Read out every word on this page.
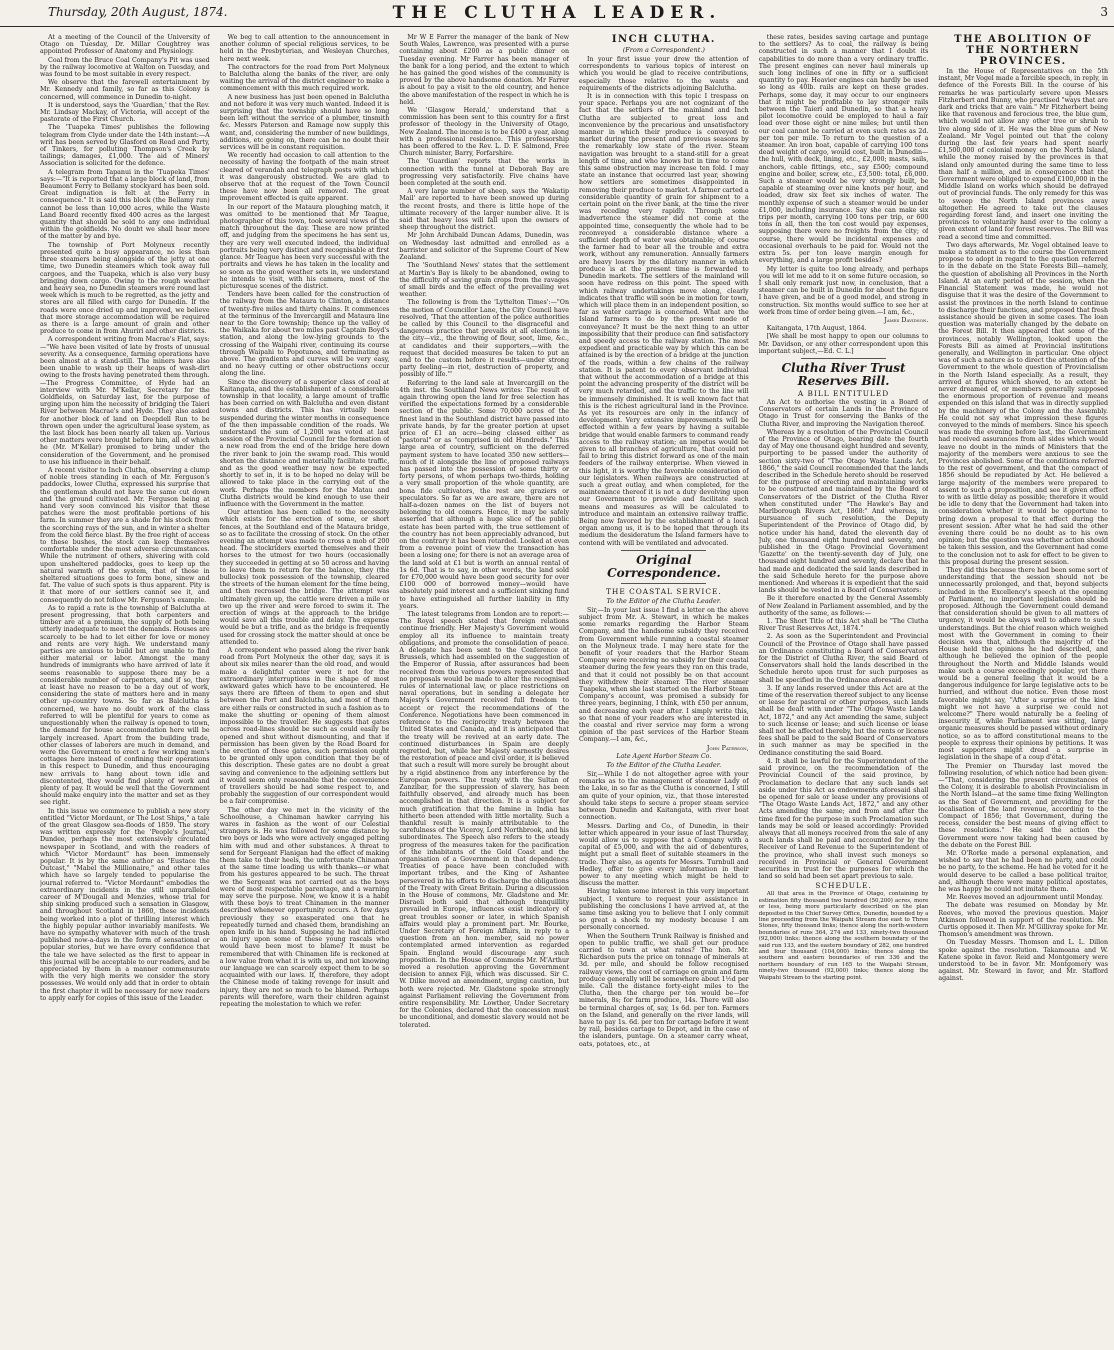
Thursday, 20th August, 1874.	THE CLUTHA LEADER.	3

At a meeting of the Council of the University of Otago on Tuesday, Dr. Millar Coughtrey was appointed Professor of Anatomy and Physiology.

Coal from the Bruce Coal Company's Pit was used by the railway locomotive at Walton on Tuesday, and was found to be most suitable in every respect.

We observe that the farewell entertainment by Mr. Kennedy and family, so far as this Colony is concerned, will commence in Dunedin to-night.

It is understood, says the 'Guardian,' that the Rev. Mr. Lindsay Mackay, of Victoria, will accept of the pastorate of the First Church.

The 'Tuapeka Times' publishes the following telegram from Clyde under date the 14th instant:—A writ has been served by Glasford on Read and Party, of Tinkers, for polluting Thompson's Creek by tailings; damages, £1,000. The aid of Miners' Association is solicited for the defence.

A telegram from Tapanui in the 'Tuapeka Times' says:—"It is reported that a large block of land, from Beaumont Ferry to Bellamy stockyard has been sold. Great indignation is felt at the Ferry in consequence." It is said this block (the Bellamy run) cannot be less than 10,000 acres, while the Waste Land Board recently fixed 400 acres as the largest quantity that should be sold to any one individual within the goldfields. No doubt we shall hear more of the matter by and bye.

The township of Port Molyneux recently presented quite a busy appearance, no less than three steamers being alongside of the jetty at one time, two Dunedin steamers which took away full cargoes, and the Tuapeka, which is also very busy bringing down cargo. Owing to the rough weather and heavy sea, no Dunedin steamers were round last week which is much to be regretted, as the jetty and stores are all filled with cargo for Dunedin. If the roads were once dried up and improved, we believe that more storage accommodation will be required as there is a large amount of grain and other produce to come in from Ahuriri and other districts.

A correspondent writing from Macrae's Flat, says:—"We have been visited of late by frosts of unusual severity. As a consequence, farming operations have been almost at a stand-still. The miners have also been unable to wash up their heaps of wash-dirt owing to the frosts having penetrated them through.—The Progress Committee, of Hyde had an interview with Mr. M'Kellar, Secretary for the Goldfields, on Saturday last, for the purpose of urging upon him the necessity of bridging the Taieri River between Macrae's and Hyde. They also asked for another block of land on Deepdell Run to be thrown open under the agricultural lease system, as the last block has been nearly all taken up. Various other matters were brought before him, all of which he (Mr. M'Kellar) promised to bring under the consideration of the Government, and he promised to use his influence in their behalf.

A recent visitor to Inch Clutha, observing a clump of noble trees standing in each of Mr. Ferguson's paddocks, lower Clutha, expressed his surprise that the gentleman should not have the same cut down and the ground cultivated. Mr. Ferguson being at hand very soon convinced his visitor that these patches were the most profitable portions of his farm. In summer they are a shade for his stock from the scorching rays of the sun, and in winter a shelter from the cold fierce blast. By the free right of access to these bushes, the stock can keep themselves comfortable under the most adverse circumstances. While the nutriment of others, shivering with cold upon unsheltered paddocks, goes to keep up the natural warmth of the system, that of those in sheltered situations goes to form bone, sinew and fat. The value of such spots is thus apparent. Pity is it that more of our settlers cannot see it, and consequently do not follow Mr. Ferguson's example.

As to rapid a rate is the township of Balclutha at present progressing, that both carpenters and timber are at a premium, the supply of both being utterly inadequate to meet the demands. Houses are scarcely to be had to let either for love or money and rents are very high. We understand many parties are anxious to build but are unable to find either material or labor. Amongst the many hundreds of immigrants who have arrived of late it seems reasonable to suppose there may be a considerable number of carpenters, and if so, they at least have no reason to be a day out of work, considering the state of matters here and in many other up-country towns. So far as Balclutha is concerned, we have no doubt work of the class referred to will be plentiful for years to come as unquestionably when the railway is opened to town, the demand for house accommodation here will be largely increased. Apart from the building trade, other classes of laborers are much in demand, and were the Government to erect a few working men's cottages here instead of confining their operations in this respect to Dunedin, and thus encouraging new arrivals to hang about town idle and discontented, they would find plenty of work and plenty of pay. It would be well that the Government should make enquiry into the matter and set as they see right.

In this issue we commence to publish a new story entitled "Victor Mordaunt, or The Lost Ships," a tale of the great Glasgow sea-floods of 1859. The story was written expressly for the 'People's Journal,' Dundee, perhaps the most extensively circulated newspaper in Scotland, and with the readers of which "Victor Mordaunt" has been immensely popular. It is by the same author as "Eustace the Outcast," "Mabel the Millionaire," and other tales which have so largely tended to popularise the journal referred to. "Victor Mordaunt" embodies the extraordinary incidents in the still unparalleled career of M'Dougall and Menzies, whose trial for ship sinking produced such a sensation in Glasgow, and throughout Scotland in 1860, these incidents being worked into a plot of thrilling interest which the highly popular author invariably manifests. We have no sympathy whatever with much of the trash published now-a-days in the form of sensational or popular stories, but we have every confidence that the tale we have selected as the first to appear in this journal will be acceptable to our readers, and be appreciated by them in a manner commensurate with the very high merits we consider the story possesses. We would only add that in order to obtain the first chapter it will be necessary for new readers to apply early for copies of this issue of the Leader.

We beg to call attention to the announcement in another column of special religious services, to be held in the Presbyterian, and Wesleyan Churches, here next week.

The contractors for the road from Port Molyneux to Balclutha along the banks of the river, are only waiting the arrival of the district engineer to make a commencement with this much required work.

A new business has just been opened in Balclutha and not before it was very much wanted. Indeed it is surprising that the township should have so long been left without the service of a plumber, tinsmith &c. Messrs Paterson and Ramage now supply this want, and, considering the number of new buildings, additions, etc going on, there can be no doubt their services will be in constant requisition.

We recently had occasion to call attention to the necessity of having the footpath of the main street cleared of verandah and telegraph posts with which it was dangerously obstructed. We are glad to observe that at the request of the Town Council these have now been all removed. The great improvement effected is quite apparent.

In our report of the Mataura ploughing match, it was omitted to be mentioned that Mr Teague, photographer of this town, took several views of the match throughout the day. These are now printed off, and judging from the specimens he has sent us, they are very well executed indeed, the individual portraits being very distinct and recognisable at first glance. Mr Teague has been very successful with the portraits and views he has taken in the locality and so soon as the good weather sets in, we understand he intends to visit, with his camera, most of the picturesque scenes of the district.

Tenders have been called for the construction of the railway from the Mataura to Clinton, a distance of twenty-five miles and thirty chains. It commences at the terminus of the Invercargill and Mataura line near to the Gore township; thence up the valley of the Waikaka for about two miles past Captain Boyd's station, and along the low-lying grounds to the crossing of the Waipahi river, continuing its course through Waipahi to Popotunoa, and terminating as above. The gradients and curves will be very easy, and no heavy cutting or other obstructions occur along the line.

Since the discovery of a superior class of coal at Kaitangata, and the establishment of a considerable township in that locality, a large amount of traffic has been carried on with Balclutha and even distant towns and districts. This has virtually been suspended during the winter months in consequence of the then impassable condition of the roads. We understand the sum of 1,200l was voted at last session of the Provincial Council for the formation of a new road from the end of the bridge here down the river bank to join the swamp road. This would shorten the distance and materially facilitate traffic, and as the good weather may now be expected shortly to set in, it is to be hoped no delay will be allowed to take place in the carrying out of the work. Perhaps the members for the Matau and Clutha districts would be kind enough to use their influence with the Government in the matter.

Our attention has been called to the necessity which exists for the erection of some, or short fences, at the Southland end of the Mataura bridge, so as to facilitate the crossing of stock. On the other evening an attempt was made to cross a mob of 200 head. The stockriders exerted themselves and their horses to the utmost for two hours (occasionally they succeeded in getting at so 50 across and having to leave them to return for the balance, they (the bullocks) took possession of the township, cleared the streets of the human element for the time being, and then recrossed the bridge. The attempt was ultimately given up, the cattle were driven a mile or two up the river and were forced to swim it. The erection of wings at the approach to the bridge would save all this trouble and delay. The expense would be but a trifle, and as the bridge is frequently used for crossing stock the matter should at once be attended to.

A correspondent who passed along the river bank road from Port Molyneux the other day, says it is about six miles nearer than the old road, and would make a delightful canter were it not for the extraordinary interruptions in the shape of most awkward gates which have to be encountered. He says there are fifteen of them to open and shut between the Port and Balclutha, and most of them are either rails or constructed in such a fashion as to make the shutting or opening of them almost impossible to the traveller. He suggests that gates across road-lines should be such as could easily be opened and shut without dismounting, and that if permission has been given by the Road Board for the erection of these gates, such permission ought to be granted only upon condition that they be of this description. These gates are no doubt a great saving and convenience to the adjoining settlers but it would seem only reasonable that the convenience of travellers should be had some respect to, and probably the suggestion of our correspondent would be a fair compromise.

The other day we met in the vicinity of the Schoolhouse, a Chinaman hawker carrying his wares in fashion as the wont of our Celestial strangers is. He was followed for some distance by two boys or lads who were actively engaged pelting him with mud and other substances. A threat to send for Sergeant Flanigan had the effect of making them take to their heels, the unfortunate Chinaman at the same time loading us with thanks—or what from his gestures appeared to be such. The threat we the Sergeant was not carried out as the boys were of most respectable parentage, and a warning may serve the purpose. Now, we know it is a habit with these boys to treat Chinamen in the manner described whenever opportunity occurs. A few days previously they so exasperated one that he repeatedly turned and chased them, brandishing an open knife in his hand. Supposing he had inflicted an injury upon some of these young rascals who would have been most to blame? It must be remembered that with Chinamen life is reckoned at a low value from what it is with us, and not knowing our language we can scarcely expect them to be so acquainted with our laws. If, therefore, they adopt the Chinese mode of taking revenge for insult and injury, they are not so much to be blamed. Perhaps parents will therefore, warn their children against repeating the molestation to which we refer.

Mr W E Farrer the manager of the bank of New South Wales, Lawrence, was presented with a purse containing about £200 as a public dinner on Tuesday evening. Mr Farrer has been manager of the bank for a long period, and the extent to which he has gained the good wishes of the community is proved by the above handsome donation. Mr Farrer is about to pay a visit to the old country, and hence the above manifestation of the respect in which he is held.

We 'Glasgow Herald,' understand that a commission has been sent to this country for a first professor of theology in the University of Otago, New Zealand. The income is to be £400 a year, along with a professional residence. This professorship has been offered to the Rev. L. D. F. Salmond, Free Church minister, Barry, Forfarshire.

The 'Guardian' reports that the works in connection with the tunnel at Deborah Bay are progressing very satisfactorily. Five chains have been completed at the south end.

A very large number of sheep, says the 'Wakatip Mail' are reported to have been snowed up during the recent frosts, and there is little hope of the ultimate recovery of the larger number alive. It is said that heavy loss will fall upon the owners of sheep throughout the district.

Mr John Archibald Duncan Adams, Dunedin, was on Wednesday last admitted and enrolled as a barrister and solicitor of the Supreme Court of New Zealand.

The 'Southland News' states that the settlement at Martin's Bay is likely to be abandoned, owing to the difficulty of saving grain crops from the ravages of small birds and the effect of the prevailing wet weather.

The following is from the 'Lyttelton Times':—"On the motion of Councillor Lane, the City Council have resolved, 'That the attention of the police authorities be called by this Council to the disgraceful and dangerous practice that prevails at all elections in the city—viz., the throwing of flour, soot, lime, &c., at candidates and their supporters,—with the request that decided measures be taken to put an end to the custom before it results—under strong party feeling—in riot, destruction of property, and possibly of life.'"

Referring to the land sale at Invercargill on the 4th inst. the Southland News writes: The result of again throwing open the land for free selection has verified the expectations formed by a considerable section of the public. Some 70,000 acres of the finest land in the Southland district have passed into private hands, by far the greater portion at upset price of £1 an acre—being classed either as "pastoral" or as "comprised in old Hundreds." This large area of country, sufficient on the deferred payment system to have located 350 new settlers—much of it alongside the line of proposed railways has passed into the possession of some thirty or forty persons, of whom perhaps two-thirds, holding a very small proportion of the whole quantity, are bona fide cultivators, the rest are graziers or speculators. So far as we are aware, there are not half-a-dozen names on the list of buyers not belonging to old comers. Hence, it may be safely asserted that although a huge slice of the public estate has been parted with, the true settlement of the country has not been appreciably advanced, but on the contrary it has been retarded. Looked at even from a revenue point of view the transaction has been a losing one; for there is not an average area of the land sold at £1 but is worth an annual rental of 1s 6d. That is to say, in other words, the land sold for £70,000 would have been good security for over £100 000 of borrowed money—would have absolutely paid interest and a sufficient sinking fund to have extinguished all further liability in fifty years.

The latest telegrams from London are to report:—The Royal speech stated that foreign relations continue friendly. Her Majesty's Government would employ all its influence to maintain treaty obligations, and promote the consolidation of peace. A delegate has been sent to the Conference at Brussels, which had assembled on the suggestion of the Emperor of Russia, after assurances had been received from the various powers represented that no proposals would be made to alter the recognised rules of international law, or place restrictions on naval operations, but in sending a delegate her Majesty's Government received full freedom to accept or reject the recommendations of the Conference. Negotiations have been commenced in reference to the reciprocity treaty between the United States and Canada, and it is anticipated that the treaty will be revived at an early date. The continued disturbances in Spain are deeply regretted, but, while her Majesty earnestly desires the restoration of peace and civil order, it is believed that such a result will more surely be brought about by a rigid abstinence from any interference by the European powers. The treaty with the Sultan of Zanzibar, for the suppression of slavery, has been faithfully observed, and already much has been accomplished in that direction. It is a subject for much gratification that the famine in India has hitherto been attended with little mortality. Such a thankful result is mainly attributable to the carefulness of the Viceroy, Lord Northbrook, and his subordinates. The Speech also refers to the steady progress of the measures taken for the pacification of the inhabitants of the Gold Coast and the organisation of a Government in that dependency. Treaties of peace have been concluded with important tribes, and the King of Ashantee persevered in his efforts to discharge the obligations of the Treaty with Great Britain. During a discussion in the House of commons, Mr. Gladstone and Mr. Disraeli both said that although tranquillity prevailed in Europe, influences exist indicatory of great troubles sooner or later, in which Spanish affairs would play a prominent part. Mr. Bourke, Under Secretary of Foreign Affairs, in reply to a question from an hon. member, said no power contemplated armed intervention as regarded Spain. England would discourage any such proposition. In the House of Commons Mr. M'Arthur moved a resolution approving the Government decision to annex Fiji, which was discussed. Sir C. W. Dilke moved an amendment, urging caution, but both were rejected. Mr. Gladstone spoke strongly against Parliament relieving the Government from entire responsibility. Mr. Lowther, Under Secretary for the Colonies, declared that the concession must be unconditional, and domestic slavery would not be tolerated.

INCH CLUTHA.

(From a Correspondent.)

In your first issue your drew the attention of correspondents to various topics of interest on which you would be glad to receive contributions, especially those relative to the wants and requirements of the districts adjoining Balclutha.

It is in connection with this topic I trespass on your space. Perhaps you are not cognizant of the fact that the settlers of the mainland and Inch Clutha are subjected to great loss and inconvenience by the precarious and unsatisfactory manner in which their produce is conveyed to market during the present and previous seasons by the remarkably low state of the river. Steam navigation was brought to a stand-still for a great length of time, and who knows but in time to come this same obstruction may increase ten fold. I may state an instance that occurred last year, showing how settlers are sometimes disappointed in removing their produce to market. A farmer carted a considerable quantity of grain for shipment to a certain point on the river bank, at the time the river was receding very rapidly. Through some inadvertence the steamer did not come at the appointed time, consequently the whole had to be reconveyed a considerable distance where a sufficient depth of water was obtainable; of course the farmer had to bear all the trouble and extra work, without any remuneration. Annually farmers are heavy losers by the dilatory manner in which produce is at the present time is forwarded to Dunedin markets. The settlers of the mainland will soon have redress on this point. The speed with which railway undertakings move along, clearly indicates that traffic will soon be in motion for town, which will place them in an independent position, so far as water carriage is concerned. What are the Island farmers to do by the present mode of conveyance? It must be the next thing to an utter impossibility that their produce can find satisfactory and speedy access to the railway station. The most expedient and practicable way by which this can be attained is by the erection of a bridge at the junction of the roads, within a few chains of the railway station. It is patent to every observant individual that without the accommodation of a bridge at this point the advancing prosperity of the district will be very much retarded, and the traffic to the line will be immensely diminished. It is well known fact that this is the richest agricultural land in the Province. As yet its resources are only in the infancy of development. Very extensive improvements will be effected within a few years by having a suitable bridge that would enable farmers to command ready access to the railway station; an impetus would be given to all branches of agriculture, that could not fail to bring this district forward as one of the main feeders of the railway enterprise. When viewed in this light, it is worthy the favorable consideration of our legislators. When railways are constructed at such a great outlay, and when completed, for the maintenance thereof it is not a duty devolving upon our Government to provide and facilitate such means and measures as will be calculated to introduce and maintain an extensive railway traffic. Being now favored by the establishment of a local organ among us, it is to be hoped that through its medium the desideratum the Island farmers have to contend with will be ventilated and advocated.

Original Correspondence.

THE COASTAL SERVICE.

To the Editor of the Clutha Leader.

Sir,—In your last issue I find a letter on the above subject from Mr. A. Stewart, in which he makes some remarks regarding the Harbor Steam Company, and the handsome subsidy they received from Government while running a coastal steamer on the Molyneux trade. I may here state for the benefit of your readers that the Harbor Steam Company were receiving no subsidy for their coastal steamer during the few years they ran on this trade, and that it could not possibly be on that account they withdrew their steamer. The river steamer Tuapeka, when she last started on the Harbor Steam Company's account, was promised a subsidy for three years, beginning, I think, with £50 per annum, and decreasing each year after. I simply write this, so that none of your readers who are interested in the coastal and river service may form a wrong opinion of the past services of the Harbor Steam Company.—I am, &c.,

John Paterson,

Late Agent Harbor Steam Co.

To the Editor of the Clutha Leader.

Sir,—While I do not altogether agree with your remarks as to the management of steamer Lady of the Lake, in so far as the Clutha is concerned, I still am quite of your opinion, viz., that those interested should take steps to secure a proper steam service between Dunedin and Kaitangata, with river boat connection.

Messrs. Darling and Co., of Dunedin, in their letter which appeared in your issue of last Thursday, would allow us to suppose that a Company with a capital of £5,000, and with the aid of debentures, might put a small fleet of suitable steamers in the trade. They also, as agents for Messrs. Turnbull and Hedley, offer to give every information in their power to any meeting which might be held to discuss the matter.

Having taken some interest in this very important subject, I venture to request your assistance in publishing the conclusions I have arrived at, at the same time asking you to believe that I only commit so great a shock to my modesty because I am personally concerned.

When the Southern Trunk Railway is finished and open to public traffic, we shall get our produce carried to town at what rates? The hon. Mr. Richardson puts the price on tonnage of minerals at 3d. per mile, and should be follow recognised railway views, the cost of carriage on grain and farm produce generally will be somewhere about 1½d per mile. Call the distance forty-eight miles to the Clutha, then the charge per ton would be—for minerals, 8s; for farm produce, 14s. There will also be terminal charges of, say, 1s 6d. per ton. Farmers on the Island, and generally on the river lands, will have to pay 1s. 6d. per ton for cartage before it went by rail, besides cartage to Depot, and in the case of the islanders, puntage. On a steamer carry wheat, oats, potatoes, etc., at

these rates, besides saving cartage and puntage to the settlers? As to coal, the railway is being constructed in such a manner that I doubt its capabilities to do more than a very ordinary traffic. The present engines can never haul minerals up such long inclines of one in fifty or a sufficient quantity to pay. Heavier engines can hardly be used so long as 40lb. rails are kept on these grades. Perhaps, some day, it may occur to our engineers that it might be profitable to lay stronger rails between the Taieri and Dunedin, so that a heavy pilot locomotive could be employed to haul a fair load over those eight or nine miles; but until then our coal cannot be carried at even such rates as 2d. per ton per mile. To return to the question of a steamer. An iron boat, capable of carrying 100 tons dead weight of cargo, would cost, built in Dunedin—the hull, with deck, lining, etc., £2,000; masts, sails, anchors, cable fittings, etc., say £500; compound engine and boiler, screw, etc., £3,500: total, £6,000. Such a steamer would be very strongly built, be capable of steaming over nine knots per hour, and loaded, draw six feet six inches of water. The monthly expense of such a steamer would be under £1,000, including insurance. Say she can make six trips per month, carrying 100 tons per trip, or 600 tons in all, then the ton cost would pay expenses, supposing there were no freights from the city; of course, there would be incidental expenses and occasional overhauls to be paid for. Would not the extra 5s. per ton leave margin enough for everything, and a large profit besides?

My letter is quite too long already, and perhaps you will let me add to it on some future occasion, so I shall only remark just now, in conclusion, that a steamer can be built in Dunedin for about the figure I have given, and be of a good model, and strong in construction. Six months would suffice to see her at work from time of order being given.—I am, &c.,

James Davidson.

Kaitangata, 17th August, 1864.

[We shall be most happy to open our columns to Mr. Davidson, or any other correspondent upon this important subject,—Ed. C. L.]

Clutha River Trust Reserves Bill.

A BILL ENTITULED

An Act to authorise the vesting in a Board of Conservators of certain Lands in the Province of Otago in Trust for conserving the Banks of the Clutha River, and improving the Navigation thereof.

Whereas by a resolution of the Provincial Council of the Province of Otago, bearing date the fourth day of May one thousand eight hundred and seventy, purporting to be passed under the authority of section sixty-two of "The Otago Waste Lands Act, 1866," the said Council recommended that the lands described in the Schedule hereto should be reserved for the purpose of erecting and maintaining works to be constructed and maintained by the Board of Conservators of the District of the Clutha River when constituted under "The Hawke's Bay and Marlborough Rivers Act, 1868:" And whereas, in pursuance of such resolution, the Deputy Superintendent of the Province of Otago did, by notice under his hand, dated the eleventh day of July, one thousand eight hundred and seventy, and published in the Otago Provincial Government 'Gazette' on the twenty-seventh day of July, one thousand eight hundred and seventy, declare that he had made and dedicated the said lands described in the said Schedule hereto for the purpose above mentioned: And whereas it is expedient that the said lands should be vested in a Board of Conservators:

Be it therefore enacted by the General Assembly of New Zealand in Parliament assembled, and by the authority of the same, as follows:—

1. The Short Title of this Act shall be "The Clutha River Trust Reserves Act, 1874."

2. As soon as the Superintendent and Provincial Council of the Province of Otago shall have passed an Ordinance constituting a Board of Conservators for the District of Clutha River, the said Board of Conservators shall hold the lands described in the Schedule hereto upon trust for such purposes as shall be specified in the Ordinance aforesaid.

3. If any lands reserved under this Act are at the time of the reservation thereof subject to any license or lease for pastoral or other purposes, such lands shall be dealt with under "The Otago Waste Lands Act, 1872," and any Act amending the same, subject to such license or lease; and such license or lease shall not be affected thereby, but the rents or license fees shall be paid to the said Board of Conservators in such manner as may be specified in the Ordinance constituting the said Board.

4. It shall be lawful for the Superintendent of the said province, on the recommendation of the Provincial Council of the said province, by Proclamation to declare that any such lands set aside under this Act as endowments aforesaid shall be opened for sale or lease under any provisions of "The Otago Waste Lands Act, 1872," and any other Acts amending the same; and from and after the time fixed for the purpose in such Proclamation such lands may be sold or leased accordingly: Provided always that all moneys received from the sale of any such lands shall be paid and accounted for by the Receiver of Land Revenue to the Superintendent of the province, who shall invest such moneys so received in Provincial or General Government securities in trust for the purposes for which the land so sold had been set apart previous to sale.

SCHEDULE.

All that area in the Province of Otago, containing by estimation fifty thousand two hundred (50,200) acres, more or less, being more particularly described on the plan deposited in the Chief Survey Office, Dunedin, bounded by a line proceeding from the Waipahi Stream due east to Three Stones, fifty thousand links; thence along the north-western boundaries of runs 364, 274 and 133, ninety-two thousand (92,000) links; thence along the southern boundary of the said run 133, and the eastern boundary of 282, one hundred and four thousand (104,000) links; thence along the southern and eastern boundaries of run 336 and the northern boundary of run 165 to the Waipahi Stream, ninety-two thousand (92,000) links; thence along the Waipahi Stream to the starting point.

THE ABOLITION OF THE NORTHERN PROVINCES.

In the House of Representatives on the 5th instant, Mr Vogel made a forcible speech, in reply, in defence of the Forests Bill. In the course of his remarks he was particularly severe upon Messrs Fitzherbert and Bunny, who practised "ways that are dark and tricks that are vain." Mr Fitzherbert being like that ravenous and ferocious tree, the blue gum, which would not allow any other tree or shrub to live along side of it. He was the blue gum of New Zealand. Mr Vogel pointed out that the colony during the last few years had spent nearly £1,500,000 of colonial money on the North Island, while the money raised by the provinces in that island only amounted during the same time to less than half a million, and in consequence that the Government were obliged to expend £100,000 in the Middle Island on works which should be defrayed out of provincial funds. The only remedy for this was to sweep the North Island provinces away altogether. He agreed to take out the clauses regarding forest land, and insert one inviting the provinces to voluntarily hand over to the colony a given extent of land for forest reserves. The Bill was read a second time and committed.

Two days afterwards, Mr. Vogel obtained leave to make a statement as to the course the Government propose to adopt in regard to the question referred to in the debate on the State Forests Bill—namely, the question of abolishing all Provinces in the North Island. At an early period of the session, when the Financial Statement was made, he would not disguise that it was the desire of the Government to assist the provinces in the north Island to continue to discharge their functions, and proposed that fresh assistance should be given in some cases. The loan question was materially changed by the debate on the Forest Bill. It then appeared that some of the provinces, notably Wellington, looked upon the Forests Bill as aimed at Provincial institutions generally, and Wellington in particular. One object was of such a nature as to direct the attention of the Government to the whole question of Provincialism in the North Island especially. As a result, they arrived at figures which showed, to an extent he never dreamed of, or members generally supposed the enormous proportion of revenue and means expended on this island that was in directly supplied by the machinery of the Colony and the Assembly. He could not say what impression these figures conveyed to the minds of members. Since his speech was made the evening before last, the Government had received assurances from all sides which would leave no doubt in the minds of Ministers that the majority of the members were anxious to see the Provinces abolished. Some of the conditions referred to the rest of government, and that the compact of 1856 should be repudiated by Act. He believed a large majority of the members were prepared to assent to such a proposition, and see it given effect to with as little delay as possible; therefore it would be idle to deny that the Government had taken into consideration whether it would be opportune to bring down a proposal to that effect during the present session. After what he had said the other evening there could be no doubt as to his own opinion; but the question was whether action should be taken this session, and the Government had come to the conclusion not to ask for effect to be given to this proposal during the present session.

They did this because there had been some sort of understanding that the session should not be unnecessarily prolonged, and that, beyond subjects included in the Excellency's speech at the opening of Parliament, no important legislation should be proposed. Although the Government could demand that consideration should be given to all matters of urgency, it would be always well to adhere to such understandings. But the chief reason which weighed most with the Government in coming to their decision was that, although the majority of the House held the opinions he had described, and although he believed the opinion of the people throughout the North and Middle Islands would make such a course exceedingly popular, yet there would be a general feeling that it would be a dangerous indulgence for large legislative acts to be hurried, and without due notice. Even those most favorable might say, "After a surprise of the kind might we not have a surprise we could not welcome?" There would naturally be a feeling of insecurity if, while Parliament was sitting, large organic measures should be passed without ordinary notice, so as to afford constitutional means to the people to express their opinions by petitions. It was most supporters might dread a surprise in legislation in the shape of a coup d'état.

The Premier on Thursday last moved the following resolution, of which notice had been given:—"That, considering the present circumstances of the Colony, it is desirable to abolish Provincialism in the North Island—at the same time fixing Wellington as the Seat of Government, and providing for the localisation of the land revenue, according to the Compact of 1856; that Government, during the recess, consider the best means of giving effect to these resolutions." He said the action the Government were now taking had been caused by the debate on the Forest Bill.

Mr. O'Rorke made a personal explanation, and wished to say that he had been no party, and could be no party, to the scheme. He had he voted for it he would deserve to be called a base political traitor, and, although there were many political apostates, he was happy he could not imitate them.

Mr. Reeves moved an adjournment until Monday.

The debate was resumed on Monday by Mr. Reeves, who moved the previous question. Major Atkinson followed in support of the resolution. Mr. Curtis opposed it. Then Mr. M'Gillivray spoke for Mr. Thomson's amendment was thrown.

On Tuesday Messrs. Thomson and L. L. Dillon spoke against the resolution. Takamoana and W. Katene spoke in favor. Reid and Montgomery were understood to be in favor. Mr. Montgomery was against. Mr. Steward in favor, and Mr. Stafford against.
